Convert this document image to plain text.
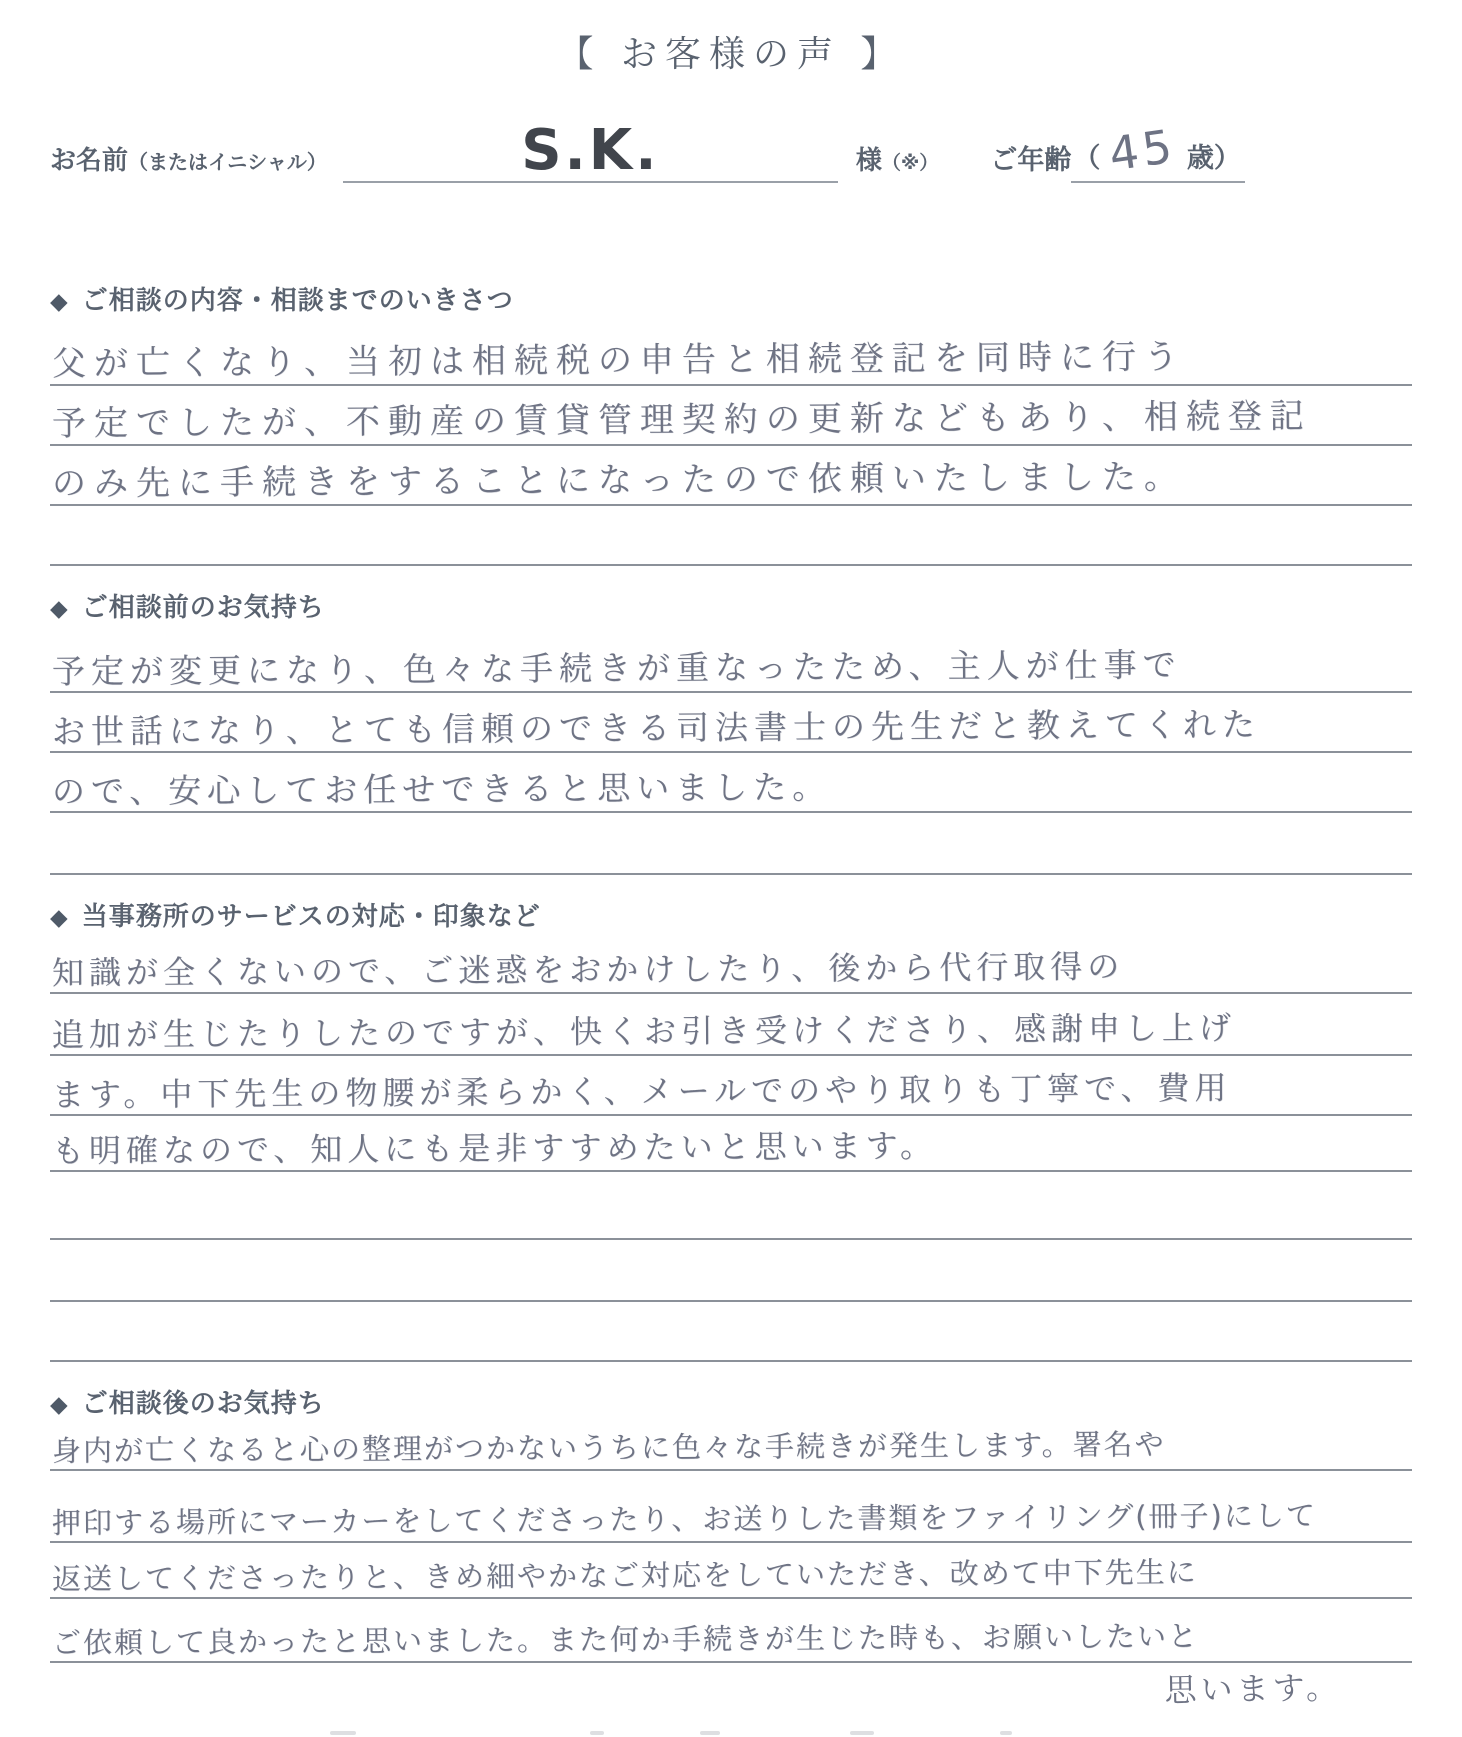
【 お客様の声 】
お名前（またはイニシャル）	S.K.	様（※） ご年齢 （ 45 歳）
◆ ご相談の内容・相談までのいきさつ
父が亡くなり、当初は相続税の申告と相続登記を同時に行う
予定でしたが、不動産の賃貸管理契約の更新などもあり、相続登記
のみ先に手続きをすることになったので依頼いたしました。
◆ ご相談前のお気持ち
予定が変更になり、色々な手続きが重なったため、主人が仕事で
お世話になり、とても信頼のできる司法書士の先生だと教えてくれた
ので、安心してお任せできると思いました。
◆ 当事務所のサービスの対応・印象など
知識が全くないので、ご迷惑をおかけしたり、後から代行取得の
追加が生じたりしたのですが、快くお引き受けくださり、感謝申し上げ
ます。中下先生の物腰が柔らかく、メールでのやり取りも丁寧で、費用
も明確なので、知人にも是非すすめたいと思います。
◆ ご相談後のお気持ち
身内が亡くなると心の整理がつかないうちに色々な手続きが発生します。署名や
押印する場所にマーカーをしてくださったり、お送りした書類をファイリング(冊子)にして
返送してくださったりと、きめ細やかなご対応をしていただき、改めて中下先生に
ご依頼して良かったと思いました。また何か手続きが生じた時も、お願いしたいと
思います。
